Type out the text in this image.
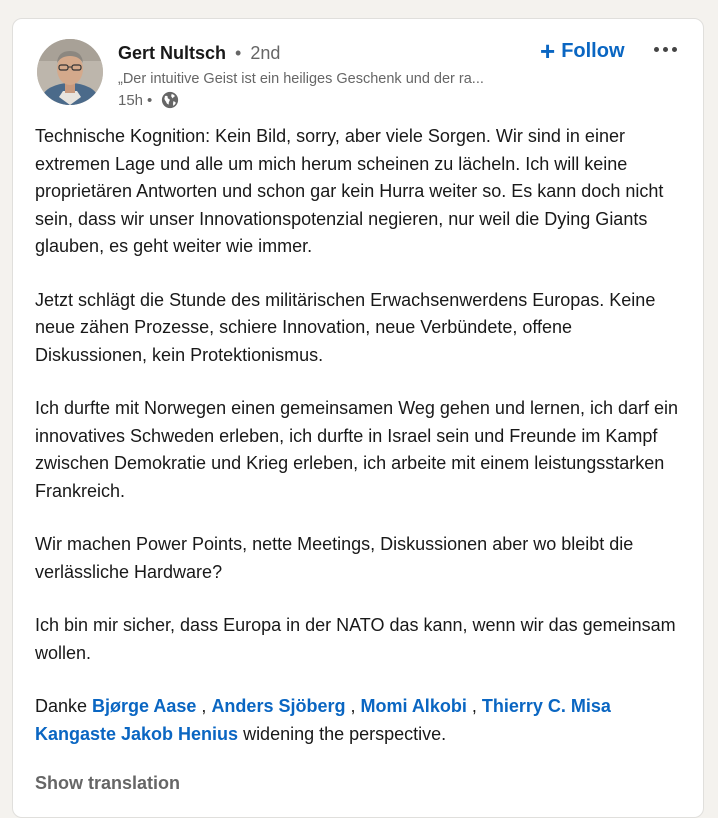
Gert Nultsch • 2nd
„Der intuitive Geist ist ein heiliges Geschenk und der ra...
15h •
+ Follow

Technische Kognition: Kein Bild, sorry, aber viele Sorgen. Wir sind in einer extremen Lage und alle um mich herum scheinen zu lächeln. Ich will keine proprietären Antworten und schon gar kein Hurra weiter so. Es kann doch nicht sein, dass wir unser Innovationspotenzial negieren, nur weil die Dying Giants glauben, es geht weiter wie immer.

Jetzt schlägt die Stunde des militärischen Erwachsenwerdens Europas. Keine neue zähen Prozesse, schiere Innovation, neue Verbündete, offene Diskussionen, kein Protektionismus.

Ich durfte mit Norwegen einen gemeinsamen Weg gehen und lernen, ich darf ein innovatives Schweden erleben, ich durfte in Israel sein und Freunde im Kampf zwischen Demokratie und Krieg erleben, ich arbeite mit einem leistungsstarken Frankreich.

Wir machen Power Points, nette Meetings, Diskussionen aber wo bleibt die verlässliche Hardware?

Ich bin mir sicher, dass Europa in der NATO das kann, wenn wir das gemeinsam wollen.

Danke Bjørge Aase , Anders Sjöberg , Momi Alkobi , Thierry C. Misa Kangaste Jakob Henius widening the perspective.

Show translation
